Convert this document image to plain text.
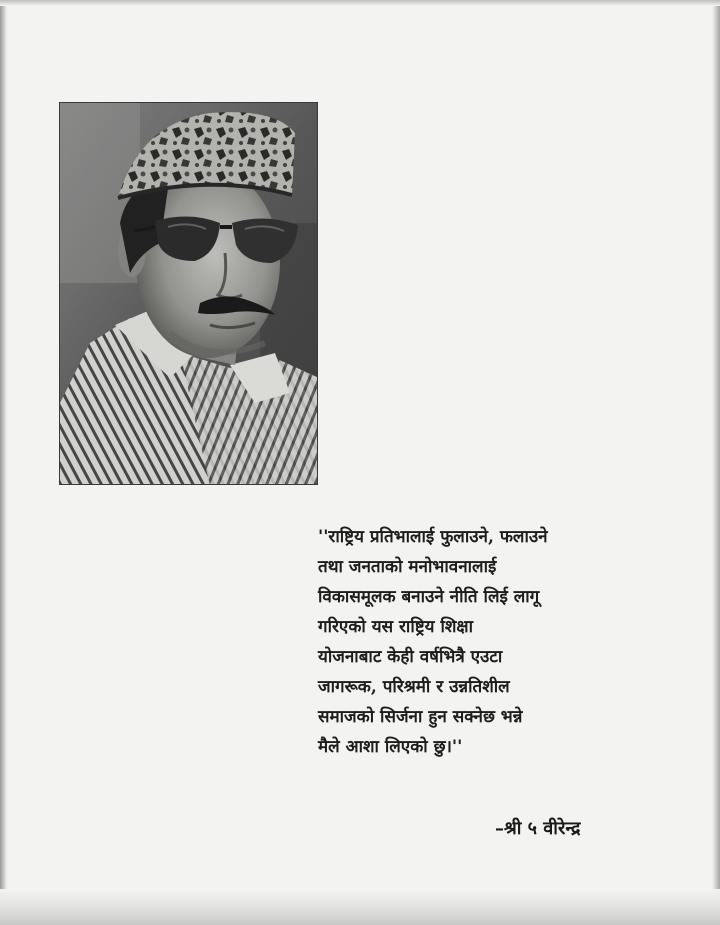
''राष्ट्रिय प्रतिभालाई फुलाउने, फलाउने
तथा जनताको मनोभावनालाई
विकासमूलक बनाउने नीति लिई लागू
गरिएको यस राष्ट्रिय शिक्षा
योजनाबाट केही वर्षभित्रै एउटा
जागरूक, परिश्रमी र उन्नतिशील
समाजको सिर्जना हुन सक्नेछ भन्ने
मैले आशा लिएको छु।''
–श्री ५ वीरेन्द्र
